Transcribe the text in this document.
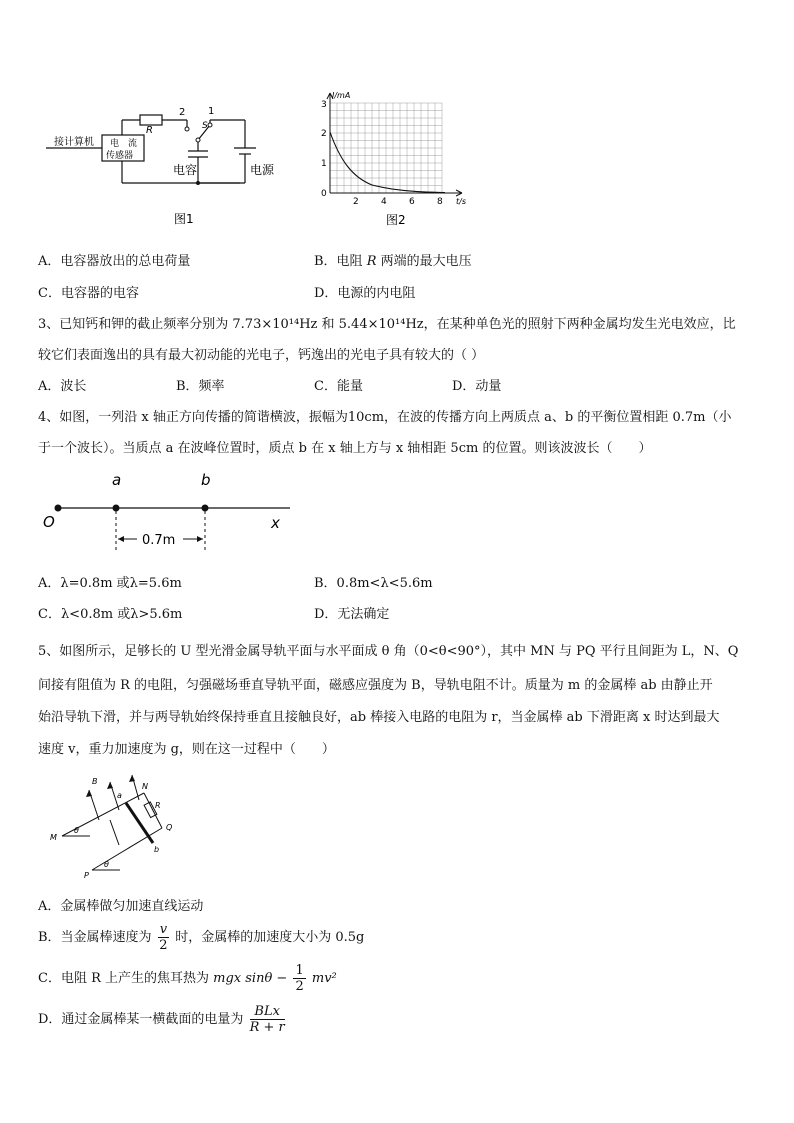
接计算机 电　流
传感器
R
2 1
S
电容	电源
图1
I/mA
t/s
0
1
2
3
2 4 6 8
图2
A．电容器放出的总电荷量	B．电阻 R 两端的最大电压
C．电容器的电容	D．电源的内电阻
3、已知钙和钾的截止频率分别为 7.73×10¹⁴Hz 和 5.44×10¹⁴Hz，在某种单色光的照射下两种金属均发生光电效应，比
较它们表面逸出的具有最大初动能的光电子，钙逸出的光电子具有较大的（ ）
A．波长	B．频率	C．能量	D．动量
4、如图，一列沿 x 轴正方向传播的简谐横波，振幅为10cm，在波的传播方向上两质点 a、b 的平衡位置相距 0.7m（小
于一个波长）。当质点 a 在波峰位置时，质点 b 在 x 轴上方与 x 轴相距 5cm 的位置。则该波波长（　　）
O
a	b
x
0.7m
A．λ=0.8m 或λ=5.6m	B．0.8m<λ<5.6m
C．λ<0.8m 或λ>5.6m	D．无法确定
5、如图所示，足够长的 U 型光滑金属导轨平面与水平面成 θ 角（0<θ<90°），其中 MN 与 PQ 平行且间距为 L，N、Q
间接有阻值为 R 的电阻，匀强磁场垂直导轨平面，磁感应强度为 B，导轨电阻不计。质量为 m 的金属棒 ab 由静止开
始沿导轨下滑，并与两导轨始终保持垂直且接触良好，ab 棒接入电路的电阻为 r，当金属棒 ab 下滑距离 x 时达到最大
速度 v，重力加速度为 g，则在这一过程中（　　）
B
N
a
R
Q
M
b
P
θ
θ
A．金属棒做匀加速直线运动
B．当金属棒速度为 $\frac{v}{2}$ 时，金属棒的加速度大小为 0.5g
C．电阻 R 上产生的焦耳热为 mgx $\sin\theta - \frac{1}{2} mv^2$
D．通过金属棒某一横截面的电量为 $\frac{\text{BLx}}{R + r}$
